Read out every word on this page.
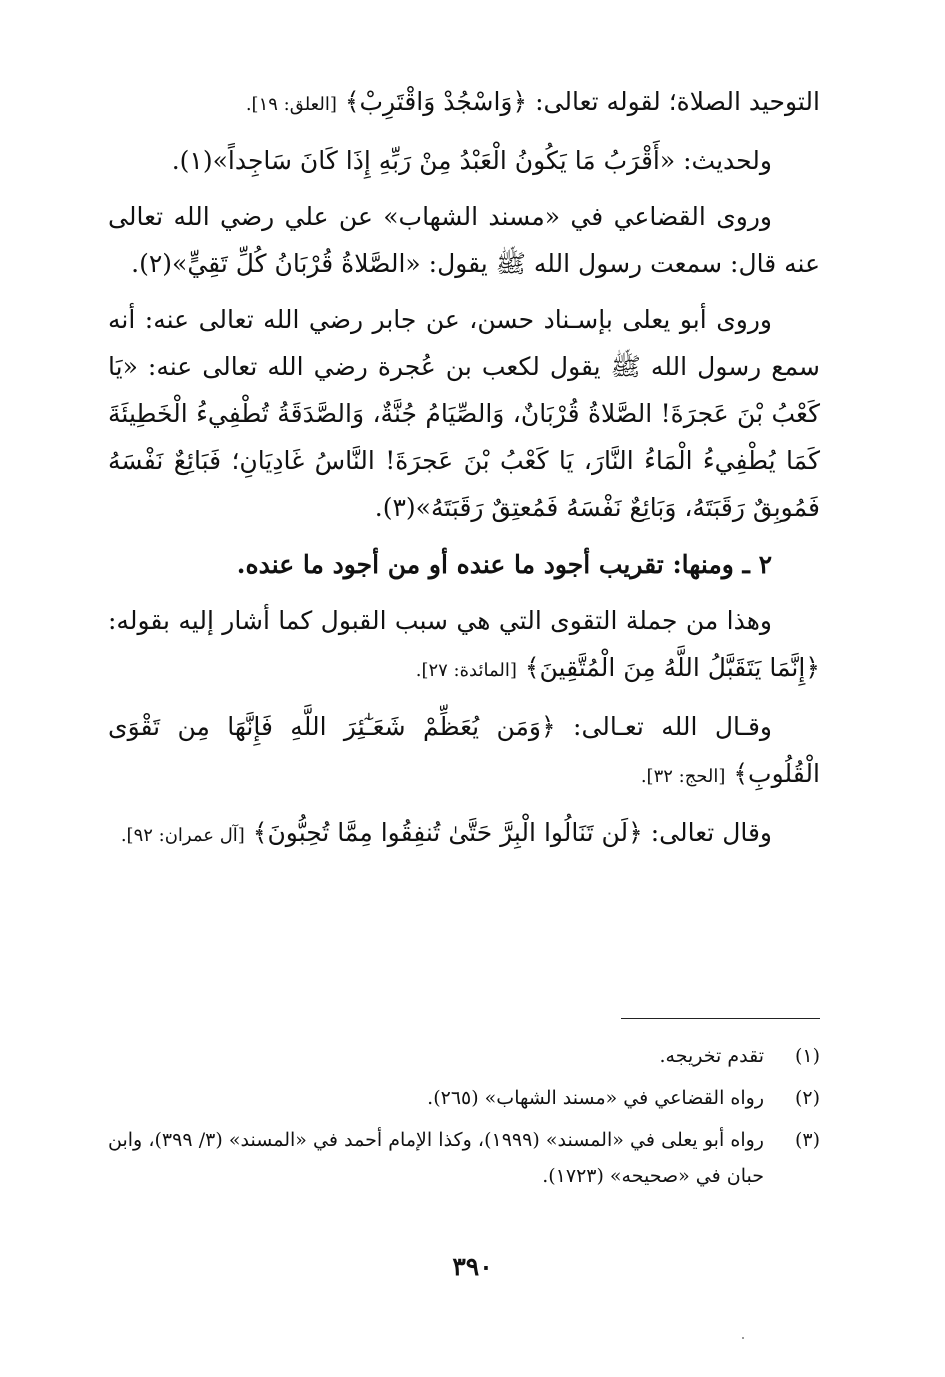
التوحيد الصلاة؛ لقوله تعالى: ﴿وَاسْجُدْ وَاقْتَرِبْ﴾ [العلق: ١٩].

ولحديث: «أَقْرَبُ مَا يَكُونُ الْعَبْدُ مِنْ رَبِّهِ إِذَا كَانَ سَاجِداً»(١).

وروى القضاعي في «مسند الشهاب» عن علي رضي الله تعالى عنه قال: سمعت رسول الله ﷺ يقول: «الصَّلاةُ قُرْبَانُ كُلِّ تَقِيٍّ»(٢).

وروى أبو يعلى بإسـناد حسن، عن جابر رضي الله تعالى عنه: أنه سمع رسول الله ﷺ يقول لكعب بن عُجرة رضي الله تعالى عنه: «يَا كَعْبُ بْنَ عَجرَةَ! الصَّلاةُ قُرْبَانٌ، وَالصِّيَامُ جُنَّةٌ، وَالصَّدَقَةُ تُطْفِيءُ الْخَطِيئَةَ كَمَا يُطْفِيءُ الْمَاءُ النَّارَ، يَا كَعْبُ بْنَ عَجرَةَ! النَّاسُ غَادِيَانِ؛ فَبَائِعٌ نَفْسَهُ فَمُوبِقٌ رَقَبَتَهُ، وَبَائِعٌ نَفْسَهُ فَمُعتِقٌ رَقَبَتَهُ»(٣).

٢ ـ ومنها: تقريب أجود ما عنده أو من أجود ما عنده.

وهذا من جملة التقوى التي هي سبب القبول كما أشار إليه بقوله: ﴿إِنَّمَا يَتَقَبَّلُ اللَّهُ مِنَ الْمُتَّقِينَ﴾ [المائدة: ٢٧].

وقـال الله تعـالى: ﴿وَمَن يُعَظِّمْ شَعَـٰٓئِرَ اللَّهِ فَإِنَّهَا مِن تَقْوَى الْقُلُوبِ﴾ [الحج: ٣٢].

وقال تعالى: ﴿لَن تَنَالُوا الْبِرَّ حَتَّىٰ تُنفِقُوا مِمَّا تُحِبُّونَ﴾ [آل عمران: ٩٢].

(١)
تقدم تخريجه.
(٢)
رواه القضاعي في «مسند الشهاب» (٢٦٥).
(٣)
رواه أبو يعلى في «المسند» (١٩٩٩)، وكذا الإمام أحمد في «المسند» (٣/ ٣٩٩)، وابن حبان في «صحيحه» (١٧٢٣).
٣٩٠
